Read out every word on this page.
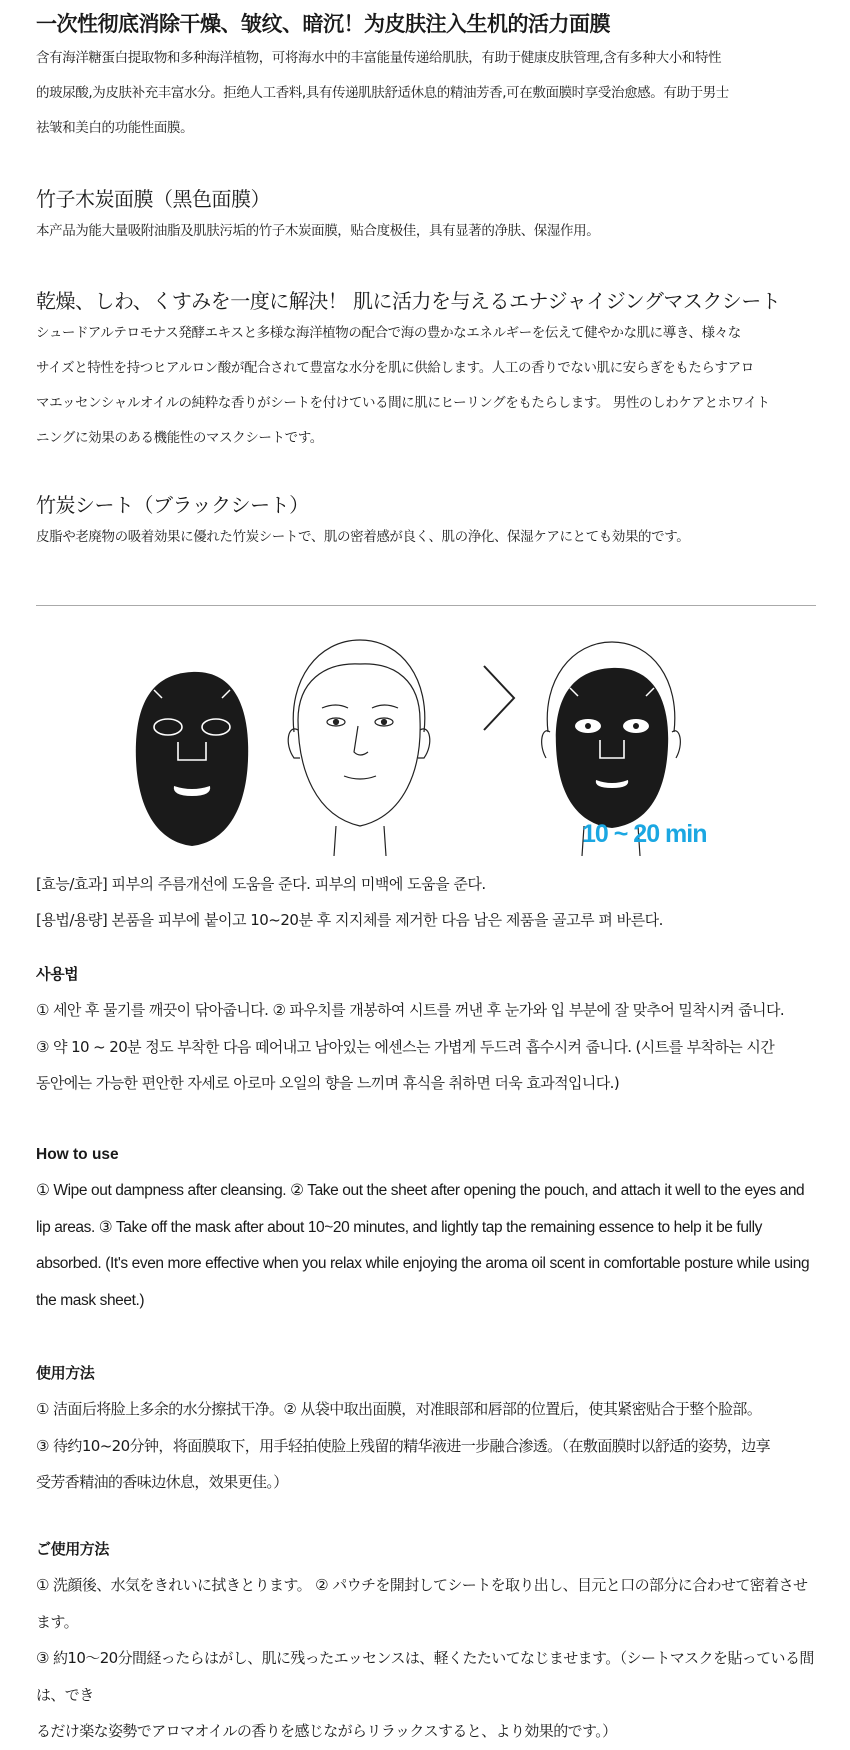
一次性彻底消除干燥、皱纹、暗沉！为皮肤注入生机的活力面膜

含有海洋糖蛋白提取物和多种海洋植物，可将海水中的丰富能量传递给肌肤，有助于健康皮肤管理,含有多种大小和特性

的玻尿酸,为皮肤补充丰富水分。拒绝人工香料,具有传递肌肤舒适休息的精油芳香,可在敷面膜时享受治愈感。有助于男士

祛皱和美白的功能性面膜。

竹子木炭面膜（黑色面膜）

本产品为能大量吸附油脂及肌肤污垢的竹子木炭面膜，贴合度极佳，具有显著的净肤、保湿作用。

乾燥、しわ、くすみを一度に解決！ 肌に活力を与えるエナジャイジングマスクシート

シュードアルテロモナス発酵エキスと多様な海洋植物の配合で海の豊かなエネルギーを伝えて健やかな肌に導き、様々な

サイズと特性を持つヒアルロン酸が配合されて豊富な水分を肌に供給します。人工の香りでない肌に安らぎをもたらすアロ

マエッセンシャルオイルの純粋な香りがシートを付けている間に肌にヒーリングをもたらします。 男性のしわケアとホワイト

ニングに効果のある機能性のマスクシートです。

竹炭シート（ブラックシート）

皮脂や老廃物の吸着効果に優れた竹炭シートで、肌の密着感が良く、肌の浄化、保湿ケアにとても効果的です。

10 ~ 20 min

[효능/효과] 피부의 주름개선에 도움을 준다. 피부의 미백에 도움을 준다.

[용법/용량] 본품을 피부에 붙이고 10~20분 후 지지체를 제거한 다음 남은 제품을 골고루 펴 바른다.

사용법

① 세안 후 물기를 깨끗이 닦아줍니다. ② 파우치를 개봉하여 시트를 꺼낸 후 눈가와 입 부분에 잘 맞추어 밀착시켜 줍니다.

③ 약 10 ~ 20분 정도 부착한 다음 떼어내고 남아있는 에센스는 가볍게 두드려 흡수시켜 줍니다. (시트를 부착하는 시간

동안에는 가능한 편안한 자세로 아로마 오일의 향을 느끼며 휴식을 취하면 더욱 효과적입니다.)

How to use

① Wipe out dampness after cleansing. ② Take out the sheet after opening the pouch, and attach it well to the eyes and

lip areas. ③ Take off the mask after about 10~20 minutes, and lightly tap the remaining essence to help it be fully

absorbed. (It's even more effective when you relax while enjoying the aroma oil scent in comfortable posture while using

the mask sheet.)

使用方法

① 洁面后将脸上多余的水分擦拭干净。② 从袋中取出面膜，对准眼部和唇部的位置后，使其紧密贴合于整个脸部。

③ 待约10~20分钟，将面膜取下，用手轻拍使脸上残留的精华液进一步融合渗透。（在敷面膜时以舒适的姿势，边享

受芳香精油的香味边休息，效果更佳。）

ご使用方法

① 洗顔後、水気をきれいに拭きとります。 ② パウチを開封してシートを取り出し、目元と口の部分に合わせて密着させます。

③ 約10～20分間経ったらはがし、肌に残ったエッセンスは、軽くたたいてなじませます。（シートマスクを貼っている間は、でき

るだけ楽な姿勢でアロマオイルの香りを感じながらリラックスすると、より効果的です。）
